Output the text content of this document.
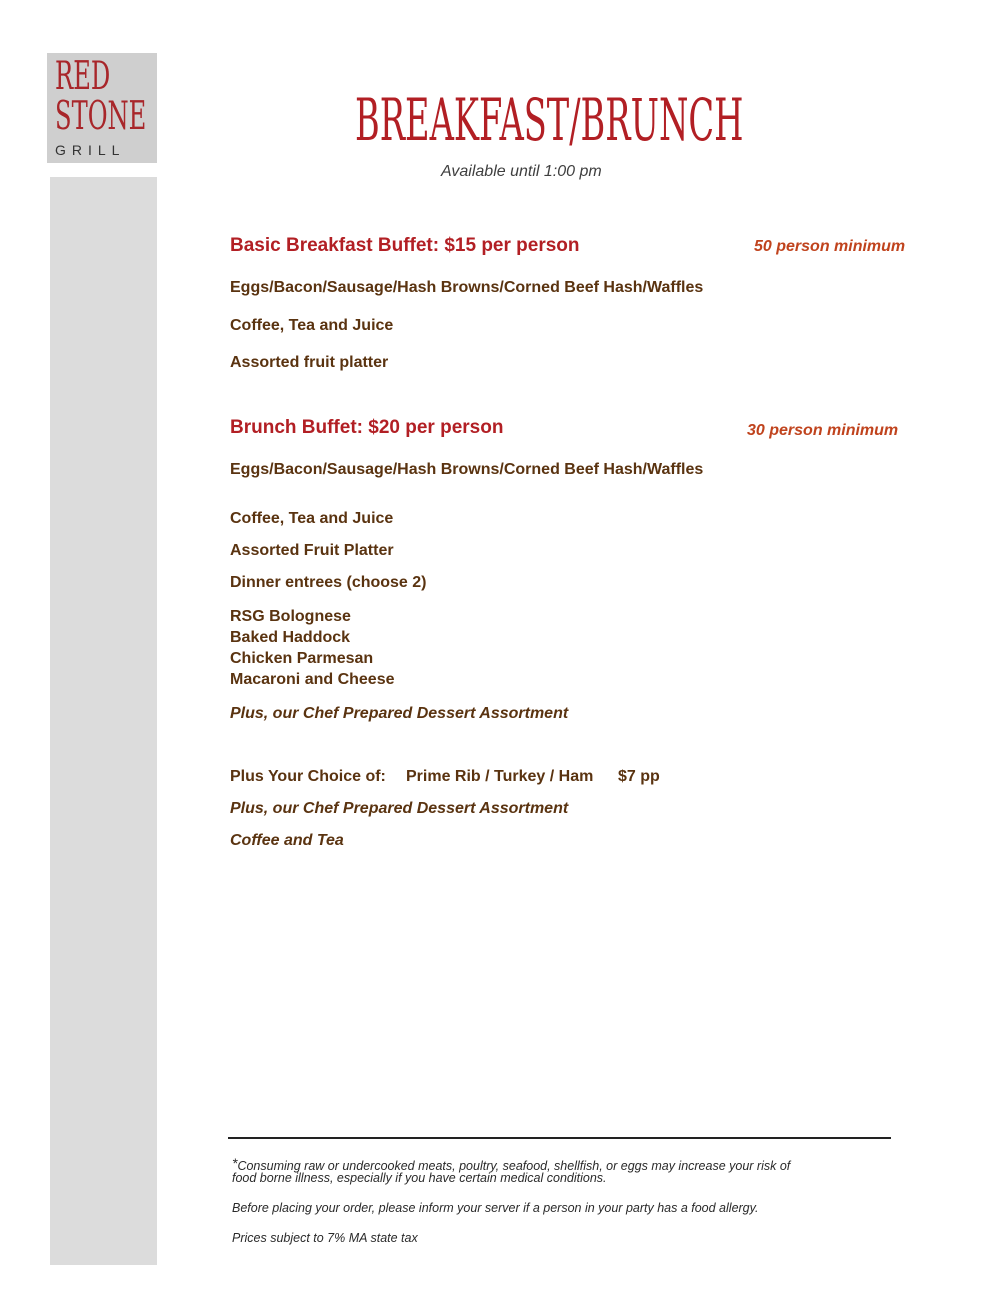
RED
STONE
GRILL	BREAKFAST/BRUNCH
Available until 1:00 pm
Basic Breakfast Buffet: $15 per person	50 person minimum
Eggs/Bacon/Sausage/Hash Browns/Corned Beef Hash/Waffles
Coffee, Tea and Juice
Assorted fruit platter
Brunch Buffet: $20 per person	30 person minimum
Eggs/Bacon/Sausage/Hash Browns/Corned Beef Hash/Waffles
Coffee, Tea and Juice
Assorted Fruit Platter
Dinner entrees (choose 2)
RSG Bolognese
Baked Haddock
Chicken Parmesan
Macaroni and Cheese
Plus, our Chef Prepared Dessert Assortment
Plus Your Choice of: Prime Rib / Turkey / Ham $7 pp
Plus, our Chef Prepared Dessert Assortment
Coffee and Tea
*Consuming raw or undercooked meats, poultry, seafood, shellfish, or eggs may increase your risk of
food borne illness, especially if you have certain medical conditions.
Before placing your order, please inform your server if a person in your party has a food allergy.
Prices subject to 7% MA state tax
